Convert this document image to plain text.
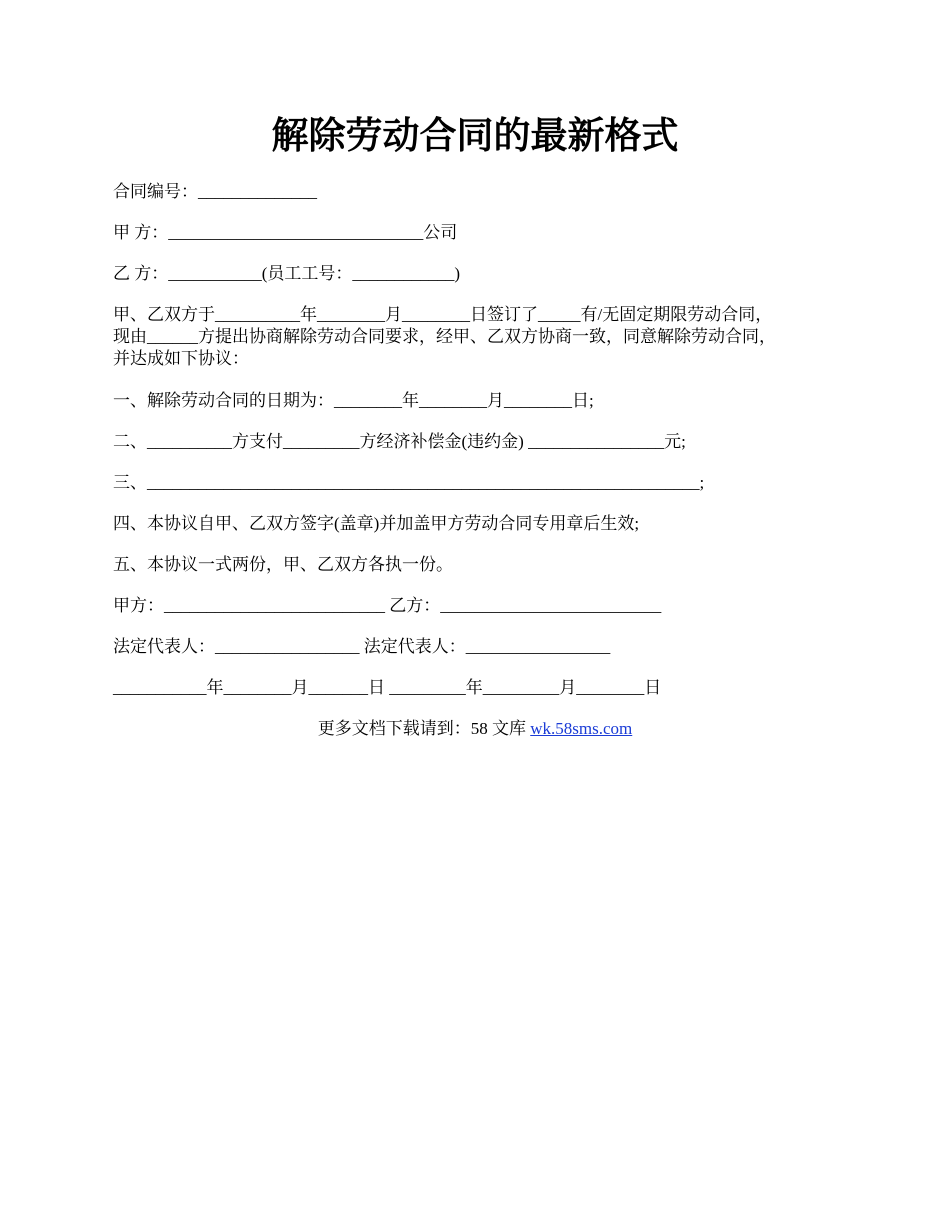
解除劳动合同的最新格式
合同编号：______________
甲 方：______________________________公司
乙 方：___________(员工工号：____________)
甲、乙双方于__________年________月________日签订了_____有/无固定期限劳动合同，
现由______方提出协商解除劳动合同要求，经甲、乙双方协商一致，同意解除劳动合同，
并达成如下协议：
一、解除劳动合同的日期为：________年________月________日;
二、__________方支付_________方经济补偿金(违约金) ________________元;
三、_________________________________________________________________;
四、本协议自甲、乙双方签字(盖章)并加盖甲方劳动合同专用章后生效;
五、本协议一式两份，甲、乙双方各执一份。
甲方：__________________________ 乙方：__________________________
法定代表人：_________________ 法定代表人：_________________
___________年________月_______日 _________年_________月________日
更多文档下载请到：58 文库 wk.58sms.com
